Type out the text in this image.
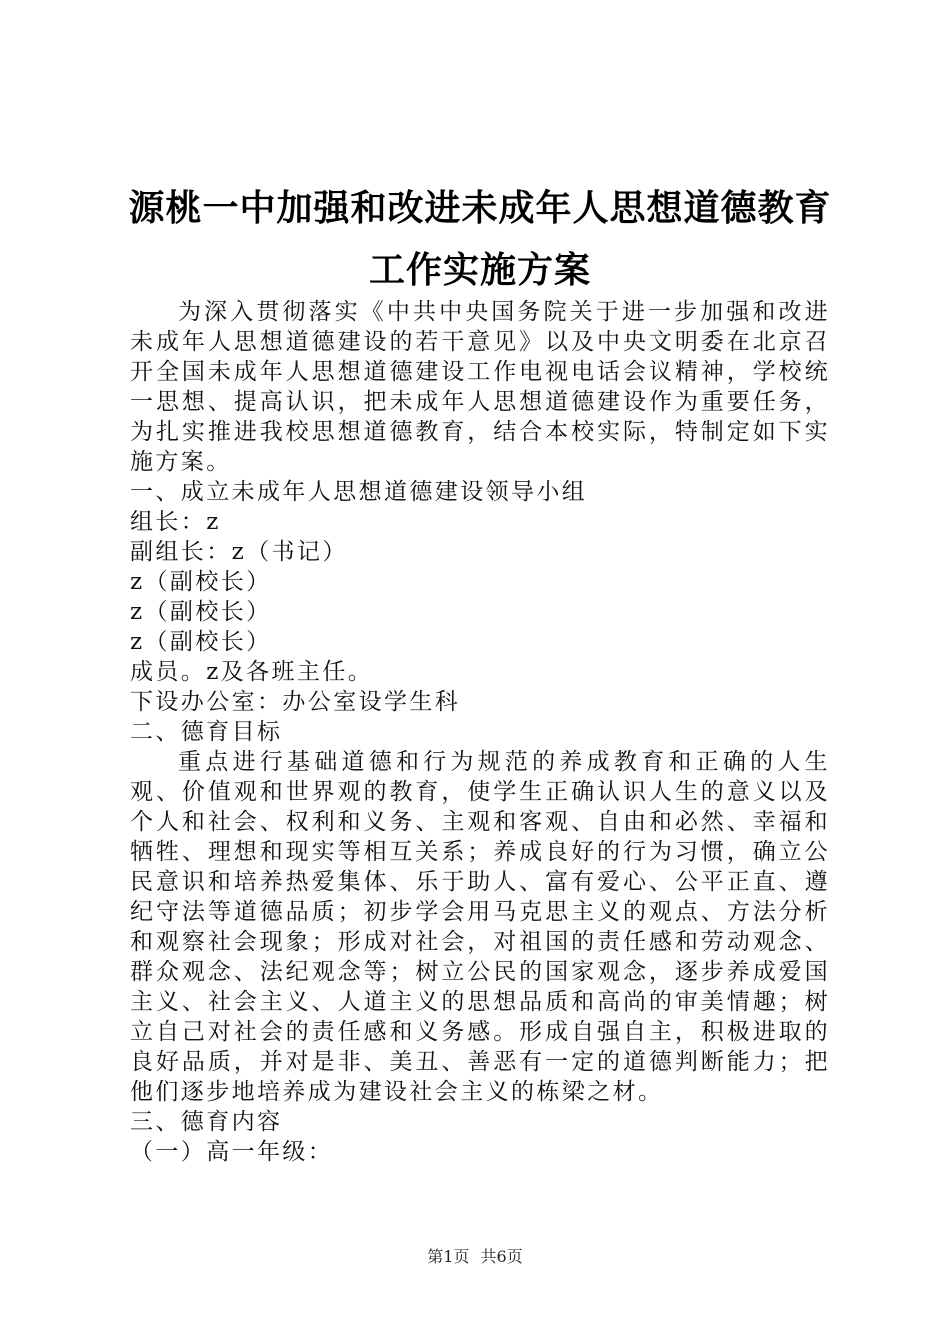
源桃一中加强和改进未成年人思想道德教育工作实施方案

为深入贯彻落实《中共中央国务院关于进一步加强和改进未成年人思想道德建设的若干意见》以及中央文明委在北京召开全国未成年人思想道德建设工作电视电话会议精神，学校统一思想、提高认识，把未成年人思想道德建设作为重要任务，为扎实推进我校思想道德教育，结合本校实际，特制定如下实施方案。

一、成立未成年人思想道德建设领导小组

组长：z

副组长：z（书记）

z（副校长）

z（副校长）

z（副校长）

成员。z及各班主任。

下设办公室：办公室设学生科

二、德育目标

重点进行基础道德和行为规范的养成教育和正确的人生观、价值观和世界观的教育，使学生正确认识人生的意义以及个人和社会、权利和义务、主观和客观、自由和必然、幸福和牺牲、理想和现实等相互关系；养成良好的行为习惯，确立公民意识和培养热爱集体、乐于助人、富有爱心、公平正直、遵纪守法等道德品质；初步学会用马克思主义的观点、方法分析和观察社会现象；形成对社会，对祖国的责任感和劳动观念、群众观念、法纪观念等；树立公民的国家观念，逐步养成爱国主义、社会主义、人道主义的思想品质和高尚的审美情趣；树立自己对社会的责任感和义务感。形成自强自主，积极进取的良好品质，并对是非、美丑、善恶有一定的道德判断能力；把他们逐步地培养成为建设社会主义的栋梁之材。

三、德育内容

（一）高一年级：

第1页 共6页
